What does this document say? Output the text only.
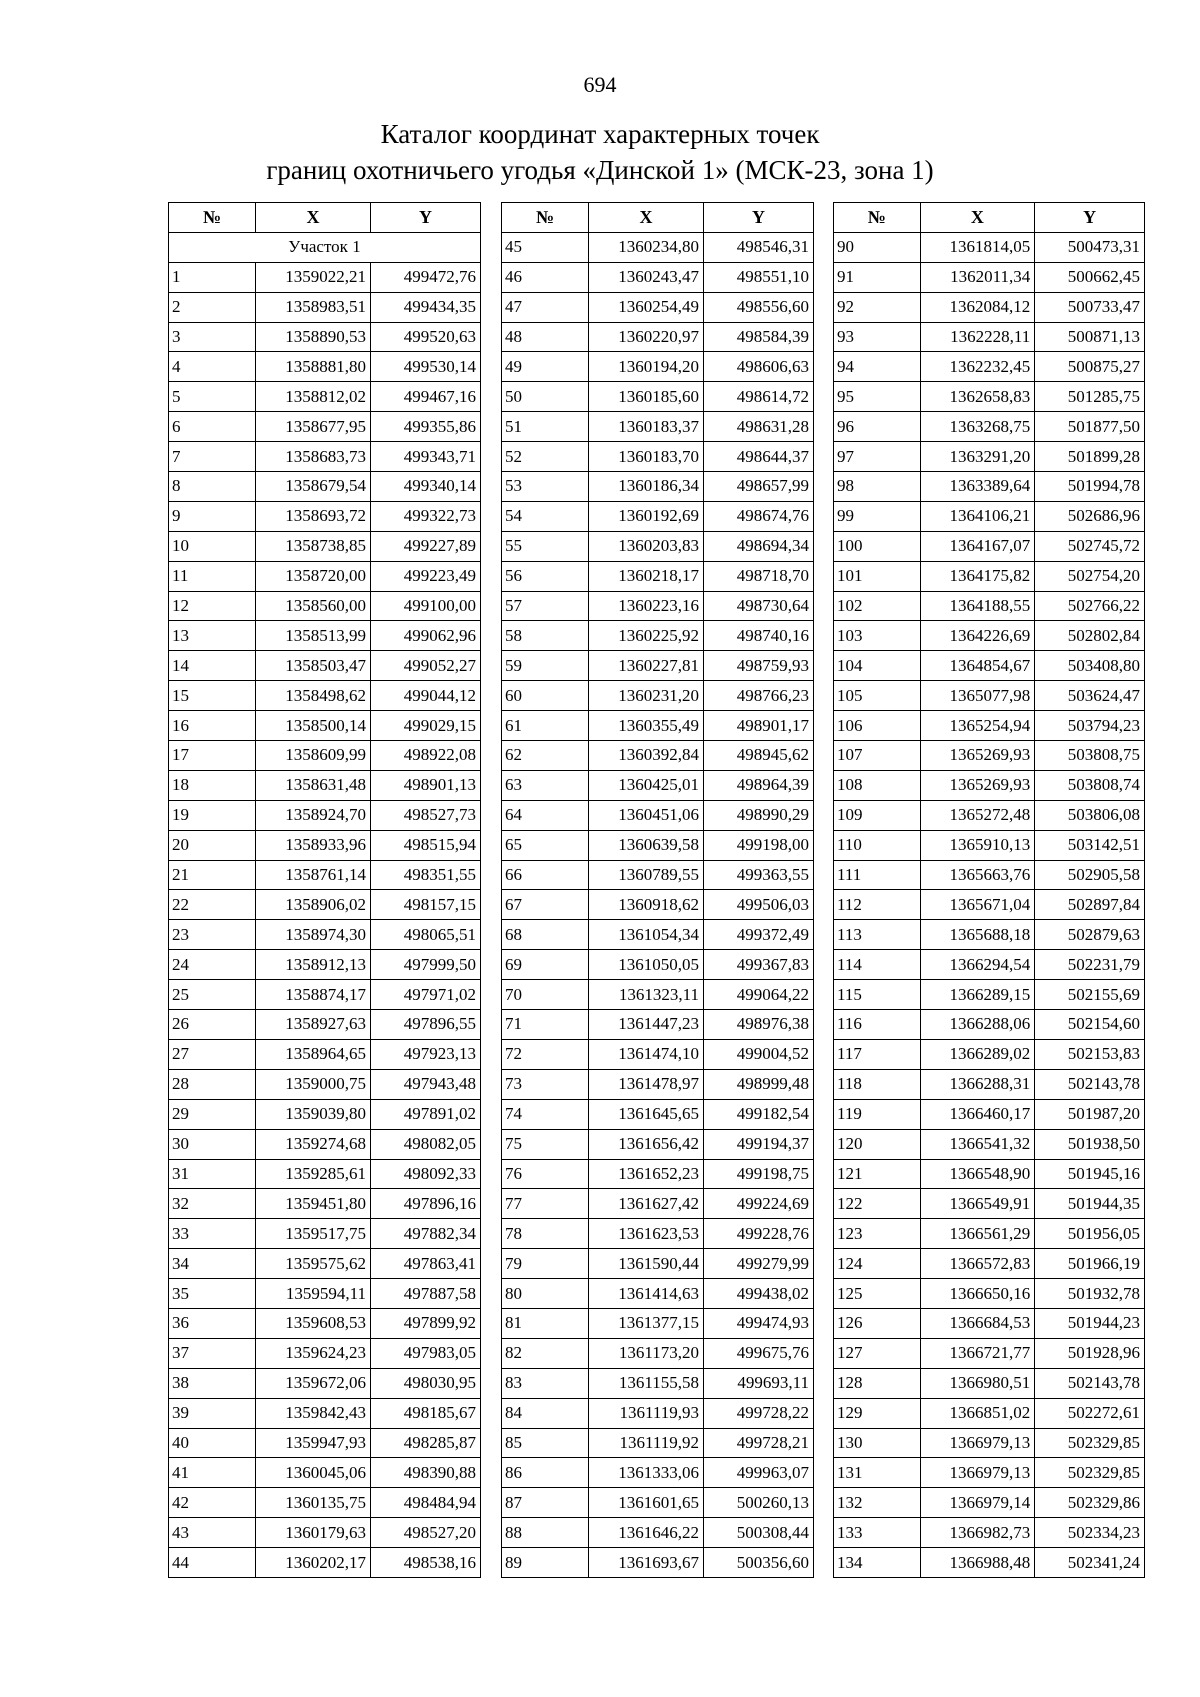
694
Каталог координат характерных точек
границ охотничьего угодья «Динской 1» (МСК-23, зона 1)
№	X	Y
Участок 1		
1	1359022,21	499472,76
2	1358983,51	499434,35
3	1358890,53	499520,63
4	1358881,80	499530,14
5	1358812,02	499467,16
6	1358677,95	499355,86
7	1358683,73	499343,71
8	1358679,54	499340,14
9	1358693,72	499322,73
10	1358738,85	499227,89
11	1358720,00	499223,49
12	1358560,00	499100,00
13	1358513,99	499062,96
14	1358503,47	499052,27
15	1358498,62	499044,12
16	1358500,14	499029,15
17	1358609,99	498922,08
18	1358631,48	498901,13
19	1358924,70	498527,73
20	1358933,96	498515,94
21	1358761,14	498351,55
22	1358906,02	498157,15
23	1358974,30	498065,51
24	1358912,13	497999,50
25	1358874,17	497971,02
26	1358927,63	497896,55
27	1358964,65	497923,13
28	1359000,75	497943,48
29	1359039,80	497891,02
30	1359274,68	498082,05
31	1359285,61	498092,33
32	1359451,80	497896,16
33	1359517,75	497882,34
34	1359575,62	497863,41
35	1359594,11	497887,58
36	1359608,53	497899,92
37	1359624,23	497983,05
38	1359672,06	498030,95
39	1359842,43	498185,67
40	1359947,93	498285,87
41	1360045,06	498390,88
42	1360135,75	498484,94
43	1360179,63	498527,20
44	1360202,17	498538,16
№	X	Y
45	1360234,80	498546,31
46	1360243,47	498551,10
47	1360254,49	498556,60
48	1360220,97	498584,39
49	1360194,20	498606,63
50	1360185,60	498614,72
51	1360183,37	498631,28
52	1360183,70	498644,37
53	1360186,34	498657,99
54	1360192,69	498674,76
55	1360203,83	498694,34
56	1360218,17	498718,70
57	1360223,16	498730,64
58	1360225,92	498740,16
59	1360227,81	498759,93
60	1360231,20	498766,23
61	1360355,49	498901,17
62	1360392,84	498945,62
63	1360425,01	498964,39
64	1360451,06	498990,29
65	1360639,58	499198,00
66	1360789,55	499363,55
67	1360918,62	499506,03
68	1361054,34	499372,49
69	1361050,05	499367,83
70	1361323,11	499064,22
71	1361447,23	498976,38
72	1361474,10	499004,52
73	1361478,97	498999,48
74	1361645,65	499182,54
75	1361656,42	499194,37
76	1361652,23	499198,75
77	1361627,42	499224,69
78	1361623,53	499228,76
79	1361590,44	499279,99
80	1361414,63	499438,02
81	1361377,15	499474,93
82	1361173,20	499675,76
83	1361155,58	499693,11
84	1361119,93	499728,22
85	1361119,92	499728,21
86	1361333,06	499963,07
87	1361601,65	500260,13
88	1361646,22	500308,44
89	1361693,67	500356,60
№	X	Y
90	1361814,05	500473,31
91	1362011,34	500662,45
92	1362084,12	500733,47
93	1362228,11	500871,13
94	1362232,45	500875,27
95	1362658,83	501285,75
96	1363268,75	501877,50
97	1363291,20	501899,28
98	1363389,64	501994,78
99	1364106,21	502686,96
100	1364167,07	502745,72
101	1364175,82	502754,20
102	1364188,55	502766,22
103	1364226,69	502802,84
104	1364854,67	503408,80
105	1365077,98	503624,47
106	1365254,94	503794,23
107	1365269,93	503808,75
108	1365269,93	503808,74
109	1365272,48	503806,08
110	1365910,13	503142,51
111	1365663,76	502905,58
112	1365671,04	502897,84
113	1365688,18	502879,63
114	1366294,54	502231,79
115	1366289,15	502155,69
116	1366288,06	502154,60
117	1366289,02	502153,83
118	1366288,31	502143,78
119	1366460,17	501987,20
120	1366541,32	501938,50
121	1366548,90	501945,16
122	1366549,91	501944,35
123	1366561,29	501956,05
124	1366572,83	501966,19
125	1366650,16	501932,78
126	1366684,53	501944,23
127	1366721,77	501928,96
128	1366980,51	502143,78
129	1366851,02	502272,61
130	1366979,13	502329,85
131	1366979,13	502329,85
132	1366979,14	502329,86
133	1366982,73	502334,23
134	1366988,48	502341,24
